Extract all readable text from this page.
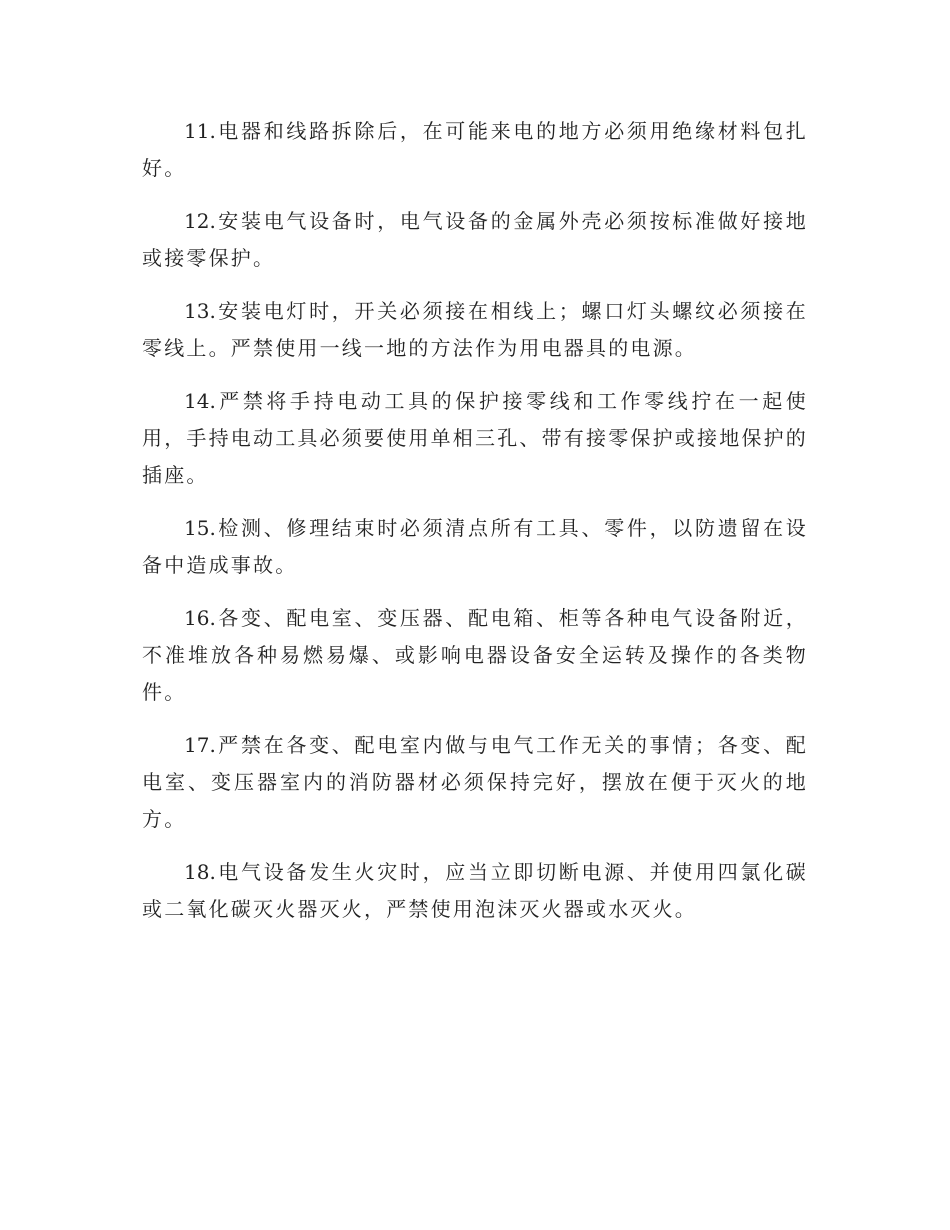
11. 电器和线路拆除后，在可能来电的地方必须用绝缘材料包扎好。

12. 安装电气设备时，电气设备的金属外壳必须按标准做好接地或接零保护。

13. 安装电灯时，开关必须接在相线上；螺口灯头螺纹必须接在零线上。严禁使用一线一地的方法作为用电器具的电源。

14. 严禁将手持电动工具的保护接零线和工作零线拧在一起使用，手持电动工具必须要使用单相三孔、带有接零保护或接地保护的插座。

15. 检测、修理结束时必须清点所有工具、零件，以防遗留在设备中造成事故。

16. 各变、配电室、变压器、配电箱、柜等各种电气设备附近，不准堆放各种易燃易爆、或影响电器设备安全运转及操作的各类物件。

17. 严禁在各变、配电室内做与电气工作无关的事情；各变、配电室、变压器室内的消防器材必须保持完好，摆放在便于灭火的地方。

18. 电气设备发生火灾时，应当立即切断电源、并使用四氯化碳或二氧化碳灭火器灭火，严禁使用泡沫灭火器或水灭火。
